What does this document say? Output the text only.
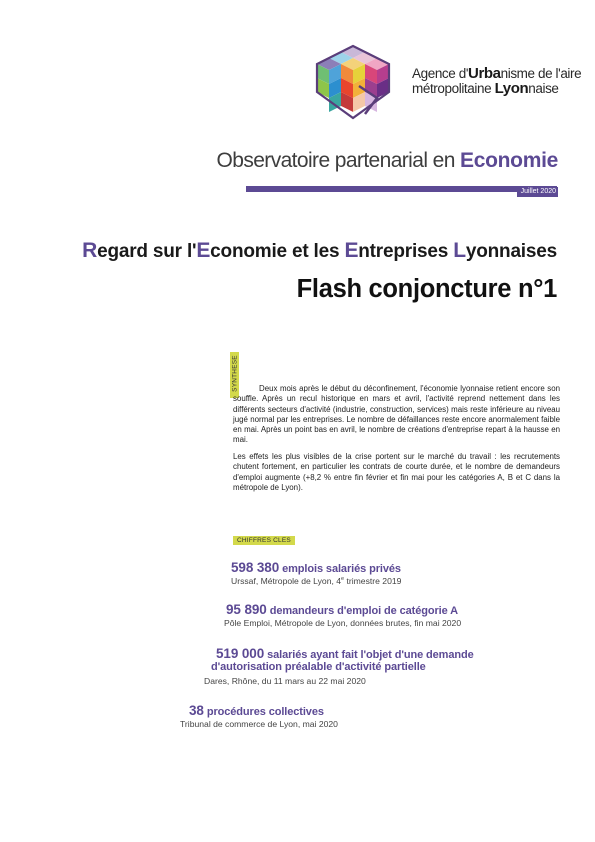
Agence d'Urbanisme de l'aire
métropolitaine Lyonnaise
Observatoire partenarial en Economie
Juillet 2020
Regard sur l'Economie et les Entreprises Lyonnaises
Flash conjoncture n°1
SYNTHESE	Deux mois après le début du déconfinement, l'économie lyonnaise retient encore son souffle. Après un recul historique en mars et avril, l'activité reprend nettement dans les différents secteurs d'activité (industrie, construction, services) mais reste inférieure au niveau jugé normal par les entreprises. Le nombre de défaillances reste encore anormalement faible en mai. Après un point bas en avril, le nombre de créations d'entreprise repart à la hausse en mai.
Les effets les plus visibles de la crise portent sur le marché du travail : les recrutements chutent fortement, en particulier les contrats de courte durée, et le nombre de demandeurs d'emploi augmente (+8,2 % entre fin février et fin mai pour les catégories A, B et C dans la métropole de Lyon).
CHIFFRES CLES
598 380 emplois salariés privés
Urssaf, Métropole de Lyon, 4e trimestre 2019
95 890 demandeurs d'emploi de catégorie A
Pôle Emploi, Métropole de Lyon, données brutes, fin mai 2020
519 000 salariés ayant fait l'objet d'une demande
d'autorisation préalable d'activité partielle
Dares, Rhône, du 11 mars au 22 mai 2020
38 procédures collectives
Tribunal de commerce de Lyon, mai 2020
